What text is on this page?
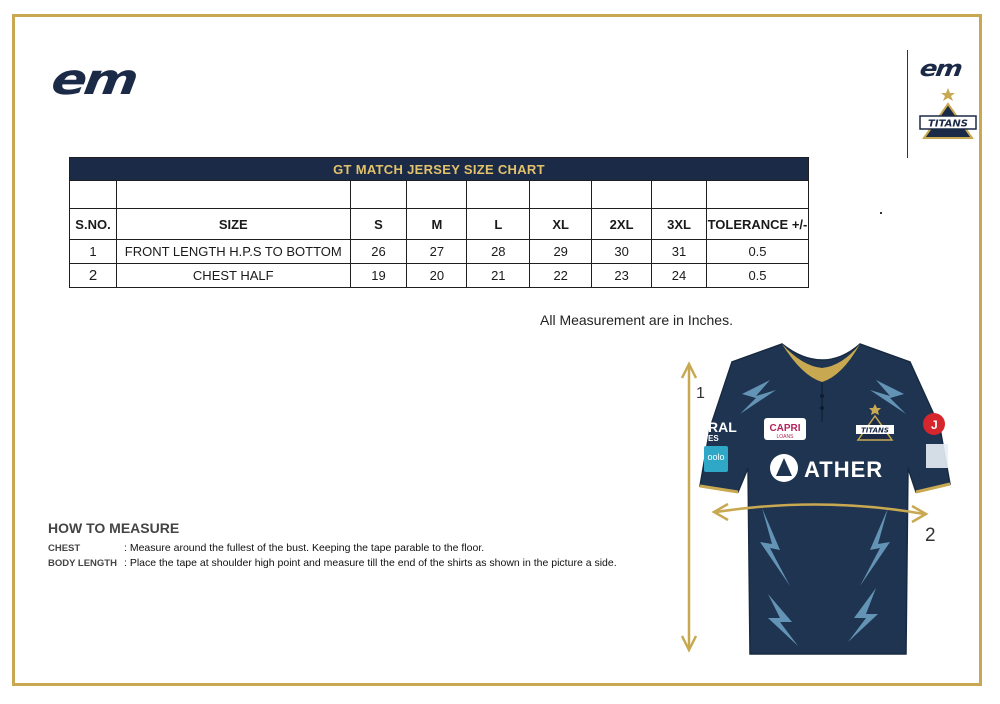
em	em
TITANS
GT MATCH JERSEY SIZE CHART								

S.NO.	SIZE	S	M	L	XL	2XL	3XL	TOLERANCE +/-
1	FRONT LENGTH H.P.S TO BOTTOM	26	27	28	29	30	31	0.5
2	CHEST HALF	19	20	21	22	23	24	0.5
All Measurement are in Inches.
HOW TO MEASURE
CHEST	: Measure around the fullest of the bust. Keeping the tape parable to the floor.
BODY LENGTH : Place the tape at shoulder high point and measure till the end of the shirts as shown in the picture a side.
1
CAPRI
LOANS
TITANS
ATHER
RAL
ES
oolo
J
2
